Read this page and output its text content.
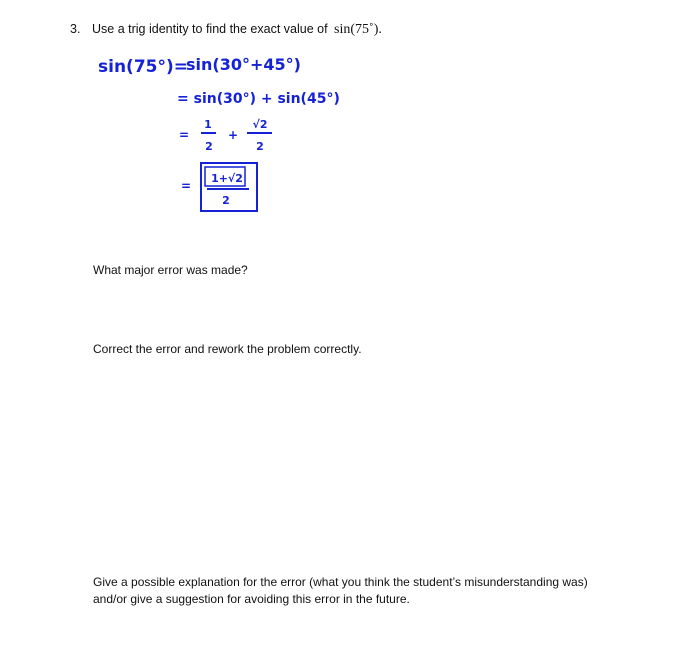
3. Use a trig identity to find the exact value of sin(75˚).
sin(75°)=
sin(30°+45°)
= sin(30°) + sin(45°)
=
1
2
+
√2
2
=
1+√2
2
What major error was made?
Correct the error and rework the problem correctly.
Give a possible explanation for the error (what you think the student’s misunderstanding was) and/or give a suggestion for avoiding this error in the future.
